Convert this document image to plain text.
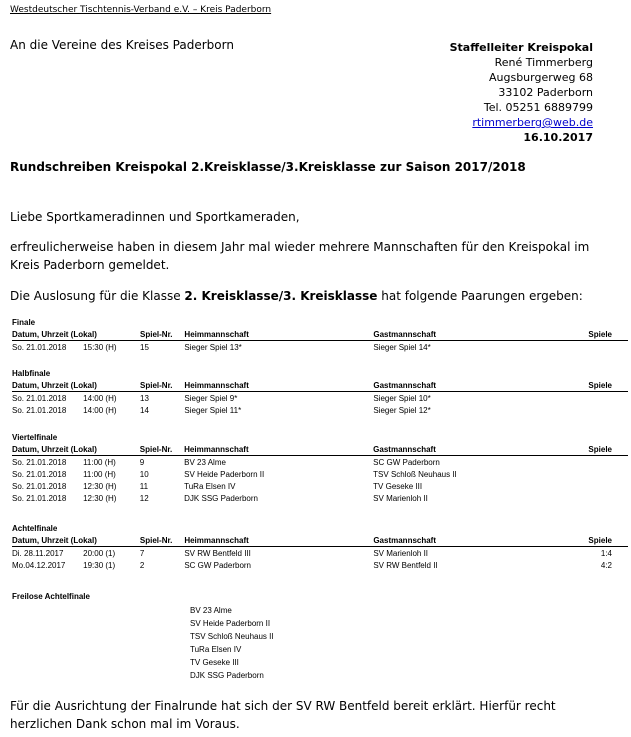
Westdeutscher Tischtennis-Verband e.V. – Kreis Paderborn
An die Vereine des Kreises Paderborn	Staffelleiter Kreispokal
René Timmerberg
Augsburgerweg 68
33102 Paderborn
Tel. 05251 6889799
rtimmerberg@web.de
16.10.2017
Rundschreiben Kreispokal 2.Kreisklasse/3.Kreisklasse zur Saison 2017/2018
Liebe Sportkameradinnen und Sportkameraden,
erfreulicherweise haben in diesem Jahr mal wieder mehrere Mannschaften für den Kreispokal im Kreis Paderborn gemeldet.
Die Auslosung für die Klasse 2. Kreisklasse/3. Kreisklasse hat folgende Paarungen ergeben:
Finale
Datum, Uhrzeit (Lokal)		Spiel-Nr.	Heimmannschaft	Gastmannschaft	Spiele
So. 21.01.2018	15:30 (H)	15	Sieger Spiel 13*	Sieger Spiel 14*	
Halbfinale
Datum, Uhrzeit (Lokal)		Spiel-Nr.	Heimmannschaft	Gastmannschaft	Spiele
So. 21.01.2018	14:00 (H)	13	Sieger Spiel 9*	Sieger Spiel 10*	
So. 21.01.2018	14:00 (H)	14	Sieger Spiel 11*	Sieger Spiel 12*	
Viertelfinale
Datum, Uhrzeit (Lokal)		Spiel-Nr.	Heimmannschaft	Gastmannschaft	Spiele
So. 21.01.2018	11:00 (H)	9	BV 23 Alme	SC GW Paderborn	
So. 21.01.2018	11:00 (H)	10	SV Heide Paderborn II	TSV Schloß Neuhaus II	
So. 21.01.2018	12:30 (H)	11	TuRa Elsen IV	TV Geseke III	
So. 21.01.2018	12:30 (H)	12	DJK SSG Paderborn	SV Marienloh II	
Achtelfinale
Datum, Uhrzeit (Lokal)		Spiel-Nr.	Heimmannschaft	Gastmannschaft	Spiele
Di. 28.11.2017	20:00 (1)	7	SV RW Bentfeld III	SV Marienloh II	1:4
Mo.04.12.2017	19:30 (1)	2	SC GW Paderborn	SV RW Bentfeld II	4:2
Freilose Achtelfinale
BV 23 Alme
SV Heide Paderborn II
TSV Schloß Neuhaus II
TuRa Elsen IV
TV Geseke III
DJK SSG Paderborn
Für die Ausrichtung der Finalrunde hat sich der SV RW Bentfeld bereit erklärt. Hierfür recht herzlichen Dank schon mal im Voraus.
